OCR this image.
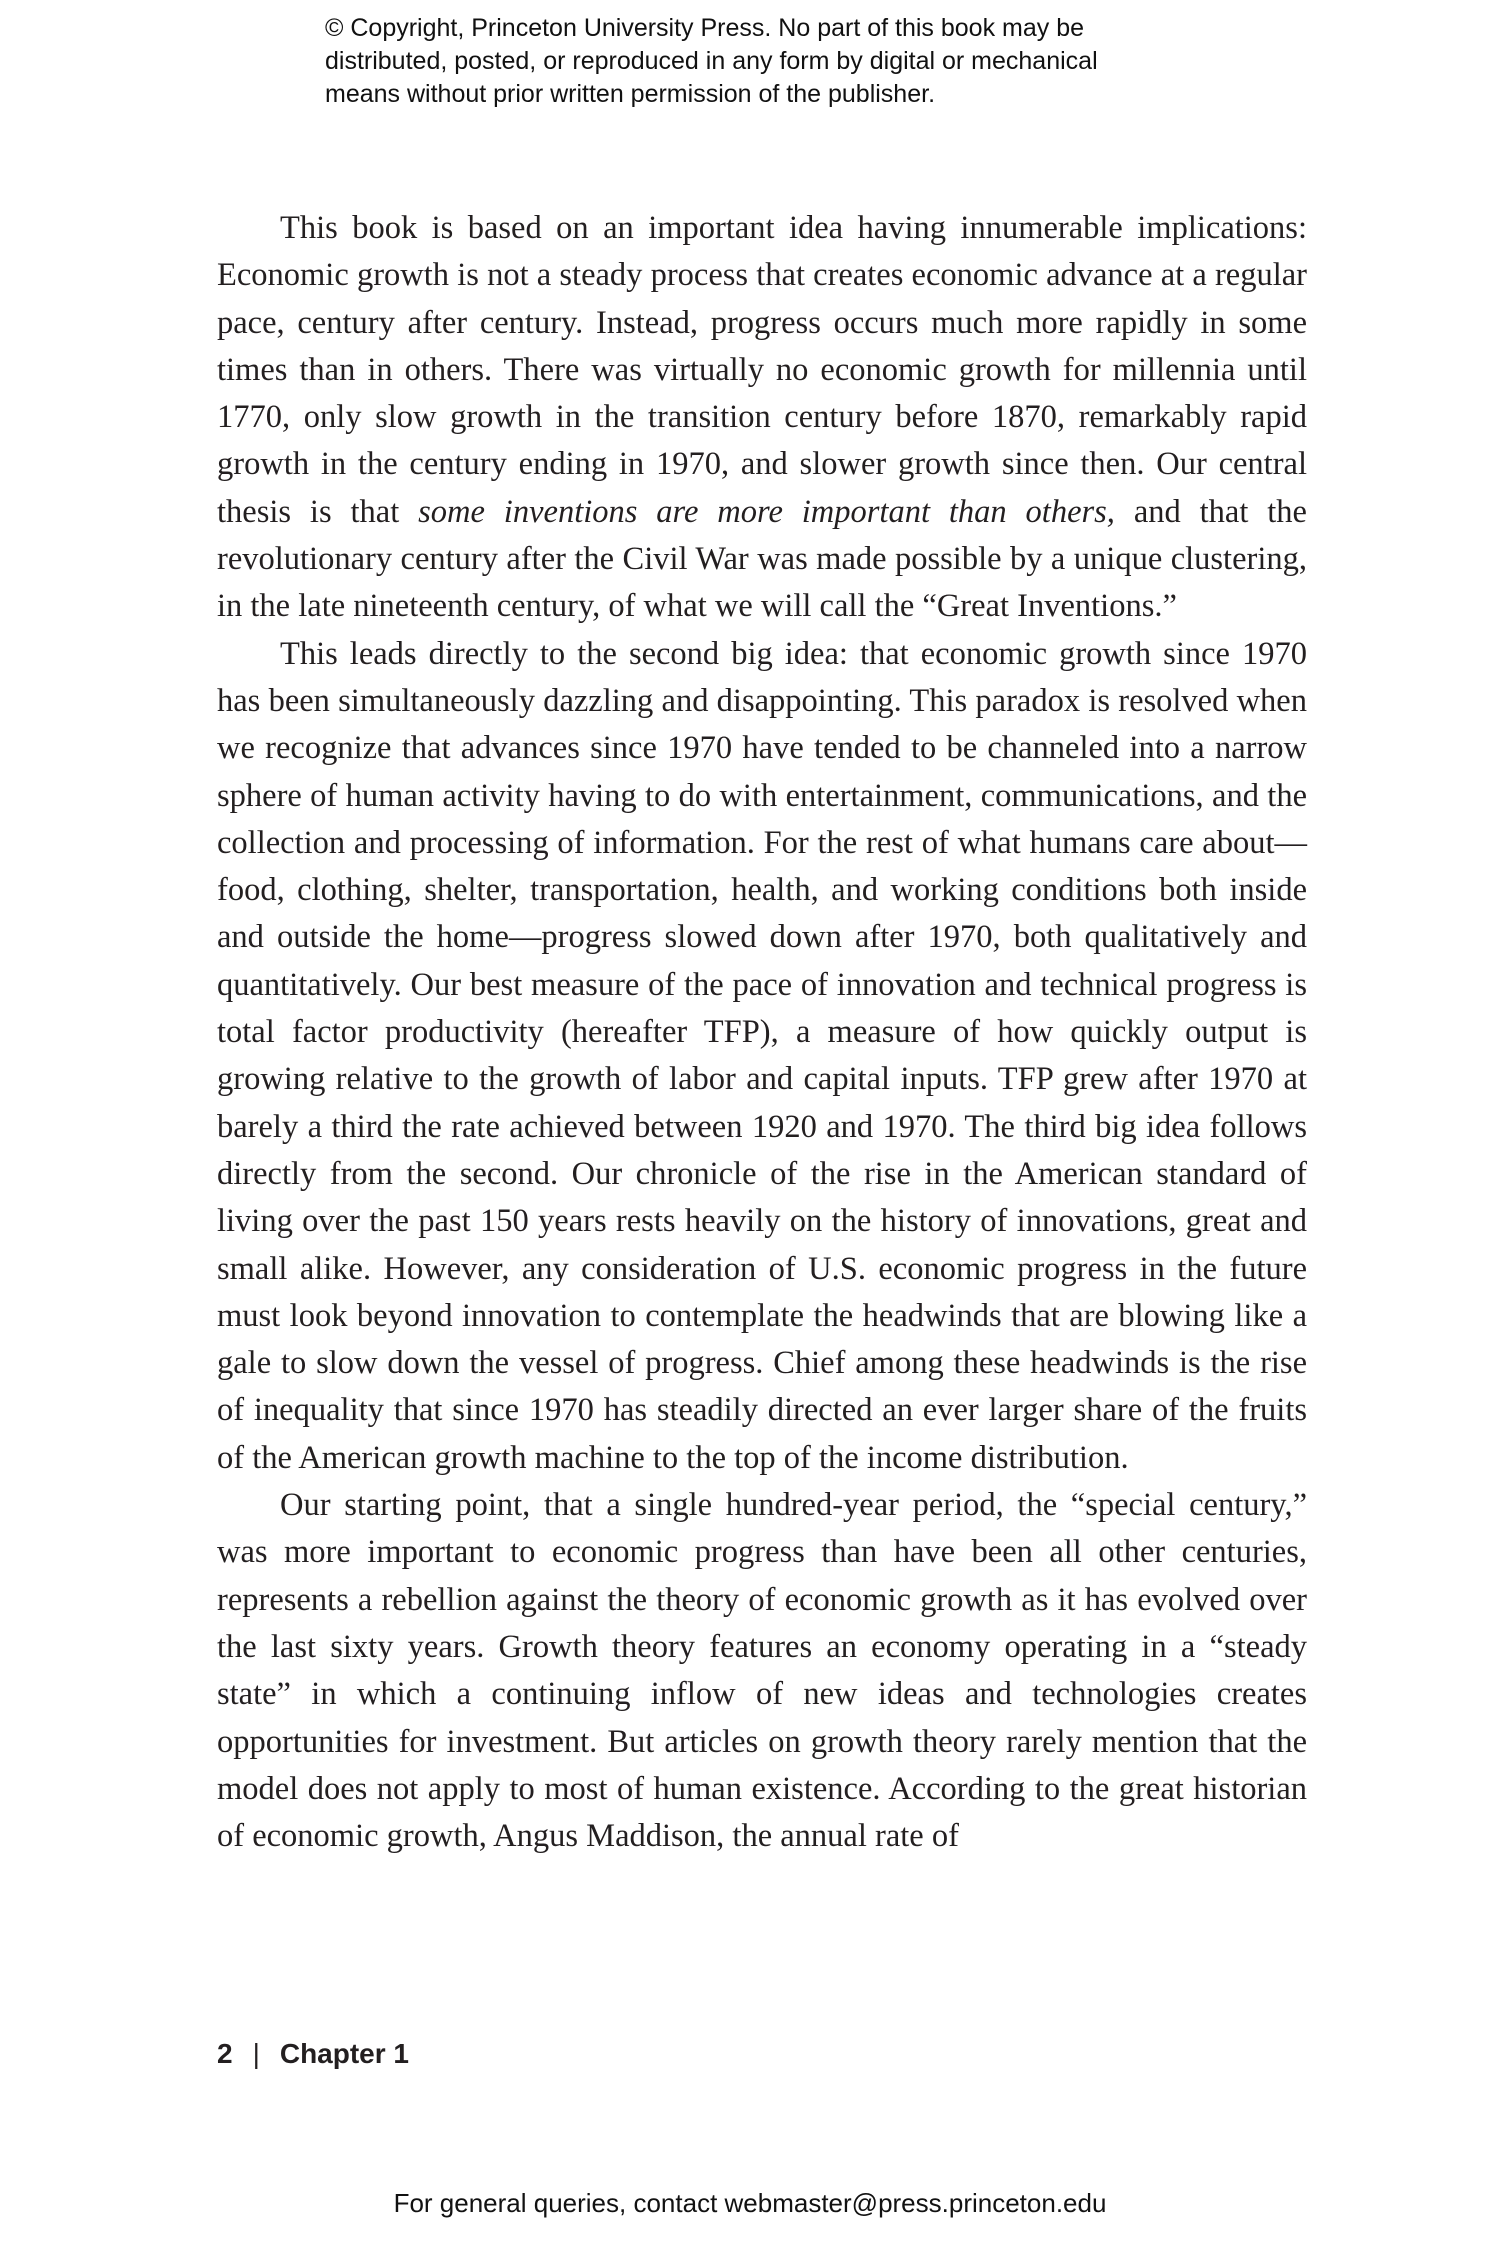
© Copyright, Princeton University Press. No part of this book may be
distributed, posted, or reproduced in any form by digital or mechanical
means without prior written permission of the publisher.

This book is based on an important idea having innumerable implications: Economic growth is not a steady process that creates economic advance at a regular pace, century after century. Instead, progress occurs much more rapidly in some times than in others. There was virtually no economic growth for millennia until 1770, only slow growth in the transition century before 1870, remarkably rapid growth in the century ending in 1970, and slower growth since then. Our central thesis is that some inventions are more important than others, and that the revolutionary century after the Civil War was made possible by a unique clustering, in the late nineteenth century, of what we will call the “Great Inventions.”

This leads directly to the second big idea: that economic growth since 1970 has been simultaneously dazzling and disappointing. This paradox is resolved when we recognize that advances since 1970 have tended to be channeled into a narrow sphere of human activity having to do with entertainment, communications, and the collection and processing of information. For the rest of what humans care about—food, clothing, shelter, transportation, health, and working conditions both inside and outside the home—progress slowed down after 1970, both qualitatively and quantitatively. Our best measure of the pace of innovation and technical progress is total factor productivity (hereafter TFP), a measure of how quickly output is growing relative to the growth of labor and capital inputs. TFP grew after 1970 at barely a third the rate achieved between 1920 and 1970. The third big idea follows directly from the second. Our chronicle of the rise in the American standard of living over the past 150 years rests heavily on the history of innovations, great and small alike. However, any consideration of U.S. economic progress in the future must look beyond innovation to contemplate the headwinds that are blowing like a gale to slow down the vessel of progress. Chief among these headwinds is the rise of inequality that since 1970 has steadily directed an ever larger share of the fruits of the American growth machine to the top of the income distribution.

Our starting point, that a single hundred-year period, the “special century,” was more important to economic progress than have been all other centuries, represents a rebellion against the theory of economic growth as it has evolved over the last sixty years. Growth theory features an economy operating in a “steady state” in which a continuing inflow of new ideas and technologies creates opportunities for investment. But articles on growth theory rarely mention that the model does not apply to most of human existence. According to the great historian of economic growth, Angus Maddison, the annual rate of

2 | Chapter 1
For general queries, contact webmaster@press.princeton.edu
